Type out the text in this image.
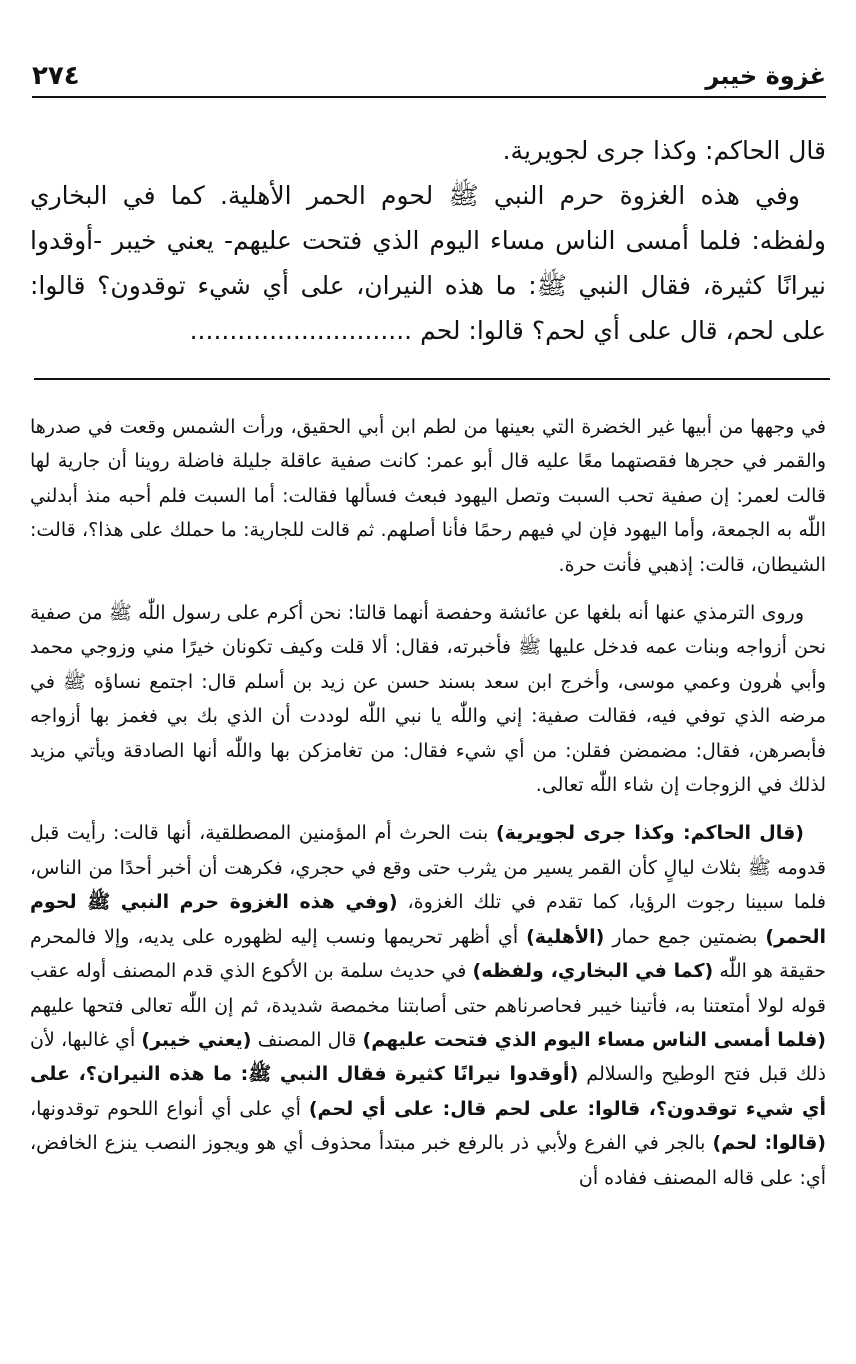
غزوة خيبر
٢٧٤

قال الحاكم: وكذا جرى لجويرية.

وفي هذه الغزوة حرم النبي ﷺ لحوم الحمر الأهلية. كما في البخاري ولفظه: فلما أمسى الناس مساء اليوم الذي فتحت عليهم- يعني خيبر -أوقدوا نيرانًا كثيرة، فقال النبي ﷺ: ما هذه النيران، على أي شيء توقدون؟ قالوا: على لحم، قال على أي لحم؟ قالوا: لحم ............................

في وجهها من أبيها غير الخضرة التي بعينها من لطم ابن أبي الحقيق، ورأت الشمس وقعت في صدرها والقمر في حجرها فقصتهما معًا عليه قال أبو عمر: كانت صفية عاقلة جليلة فاضلة روينا أن جارية لها قالت لعمر: إن صفية تحب السبت وتصل اليهود فبعث فسألها فقالت: أما السبت فلم أحبه منذ أبدلني اللّٰه به الجمعة، وأما اليهود فإن لي فيهم رحمًا فأنا أصلهم. ثم قالت للجارية: ما حملك على هذا؟، قالت: الشيطان، قالت: إذهبي فأنت حرة.

وروى الترمذي عنها أنه بلغها عن عائشة وحفصة أنهما قالتا: نحن أكرم على رسول اللّٰه ﷺ من صفية نحن أزواجه وبنات عمه فدخل عليها ﷺ فأخبرته، فقال: ألا قلت وكيف تكونان خيرًا مني وزوجي محمد وأبي هٰرون وعمي موسى، وأخرج ابن سعد بسند حسن عن زيد بن أسلم قال: اجتمع نساؤه ﷺ في مرضه الذي توفي فيه، فقالت صفية: إني واللّٰه يا نبي اللّٰه لوددت أن الذي بك بي فغمز بها أزواجه فأبصرهن، فقال: مضمضن فقلن: من أي شيء فقال: من تغامزكن بها واللّٰه أنها الصادقة ويأتي مزيد لذلك في الزوجات إن شاء اللّٰه تعالى.

(قال الحاكم: وكذا جرى لجويرية) بنت الحرث أم المؤمنين المصطلقية، أنها قالت: رأيت قبل قدومه ﷺ بثلاث ليالٍ كأن القمر يسير من يثرب حتى وقع في حجري، فكرهت أن أخبر أحدًا من الناس، فلما سبينا رجوت الرؤيا، كما تقدم في تلك الغزوة، (وفي هذه الغزوة حرم النبي ﷺ لحوم الحمر) بضمتين جمع حمار (الأهلية) أي أظهر تحريمها ونسب إليه لظهوره على يديه، وإلا فالمحرم حقيقة هو اللّٰه (كما في البخاري، ولفظه) في حديث سلمة بن الأكوع الذي قدم المصنف أوله عقب قوله لولا أمتعتنا به، فأتينا خيبر فحاصرناهم حتى أصابتنا مخمصة شديدة، ثم إن اللّٰه تعالى فتحها عليهم (فلما أمسى الناس مساء اليوم الذي فتحت عليهم) قال المصنف (يعني خيبر) أي غالبها، لأن ذلك قبل فتح الوطيح والسلالم (أوقدوا نيرانًا كثيرة فقال النبي ﷺ: ما هذه النيران؟، على أي شيء توقدون؟، قالوا: على لحم قال: على أي لحم) أي على أي أنواع اللحوم توقدونها، (قالوا: لحم) بالجر في الفرع ولأبي ذر بالرفع خبر مبتدأ محذوف أي هو ويجوز النصب ينزع الخافض، أي: على قاله المصنف ففاده أن
